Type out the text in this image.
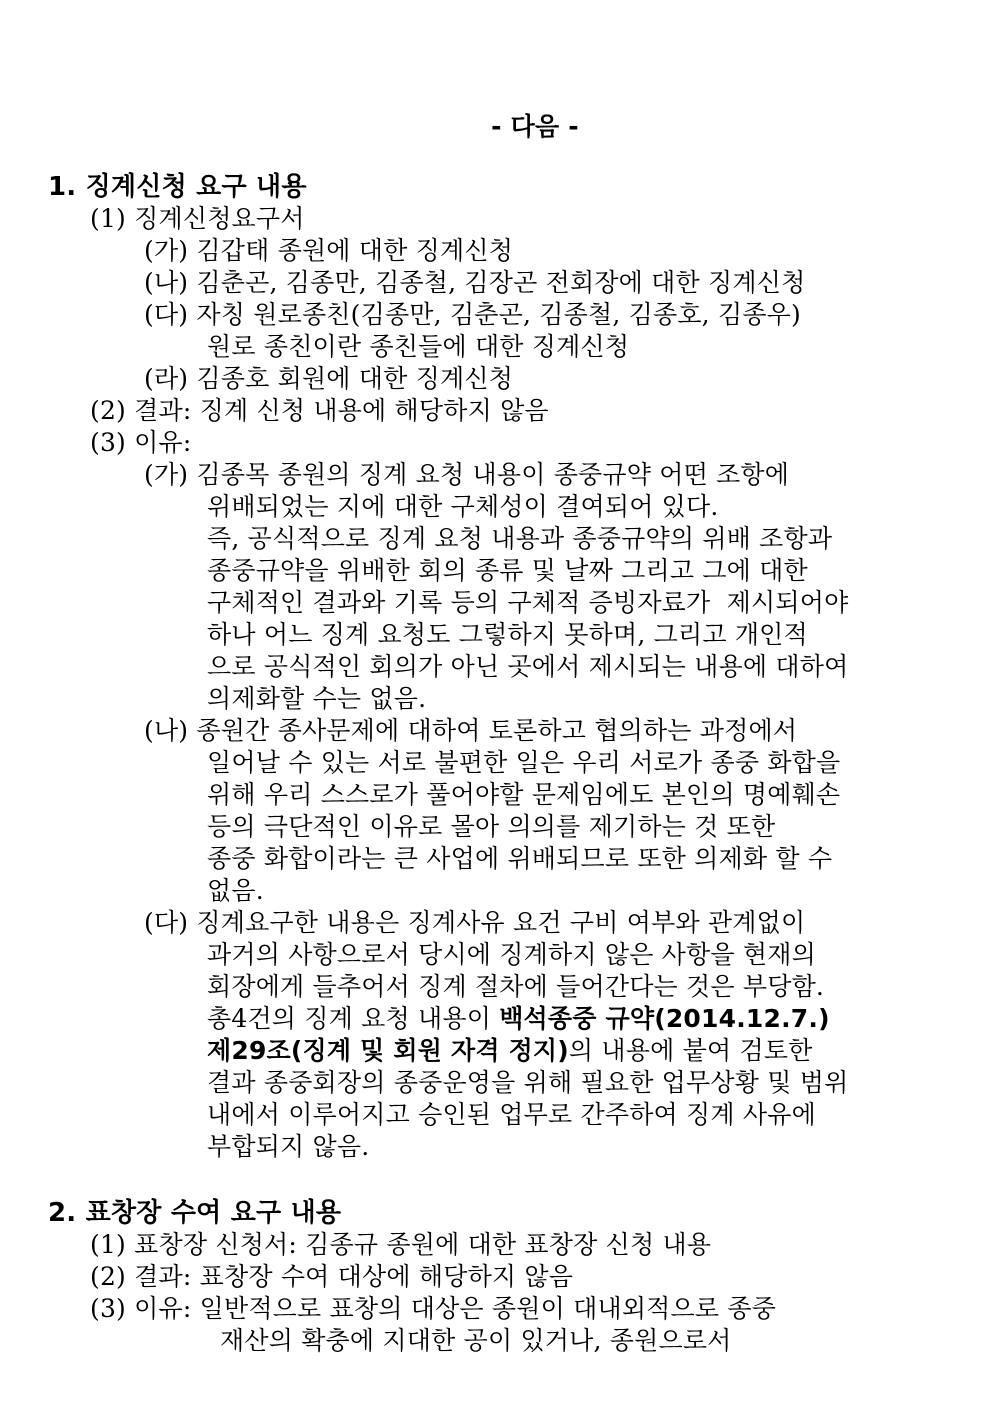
- 다음 -
1. 징계신청 요구 내용
(1) 징계신청요구서
(가) 김갑태 종원에 대한 징계신청
(나) 김춘곤, 김종만, 김종철, 김장곤 전회장에 대한 징계신청
(다) 자칭 원로종친(김종만, 김춘곤, 김종철, 김종호, 김종우)
원로 종친이란 종친들에 대한 징계신청
(라) 김종호 회원에 대한 징계신청
(2) 결과: 징계 신청 내용에 해당하지 않음
(3) 이유:
(가) 김종목 종원의 징계 요청 내용이 종중규약 어떤 조항에
위배되었는 지에 대한 구체성이 결여되어 있다.
즉, 공식적으로 징계 요청 내용과 종중규약의 위배 조항과
종중규약을 위배한 회의 종류 및 날짜 그리고 그에 대한
구체적인 결과와 기록 등의 구체적 증빙자료가  제시되어야
하나 어느 징계 요청도 그렇하지 못하며, 그리고 개인적
으로 공식적인 회의가 아닌 곳에서 제시되는 내용에 대하여
의제화할 수는 없음.
(나) 종원간 종사문제에 대하여 토론하고 협의하는 과정에서
일어날 수 있는 서로 불편한 일은 우리 서로가 종중 화합을
위해 우리 스스로가 풀어야할 문제임에도 본인의 명예훼손
등의 극단적인 이유로 몰아 의의를 제기하는 것 또한
종중 화합이라는 큰 사업에 위배되므로 또한 의제화 할 수
없음.
(다) 징계요구한 내용은 징계사유 요건 구비 여부와 관계없이
과거의 사항으로서 당시에 징계하지 않은 사항을 현재의
회장에게 들추어서 징계 절차에 들어간다는 것은 부당함.
총4건의 징계 요청 내용이 백석종중 규약(2014.12.7.)
제29조(징계 및 회원 자격 정지)의 내용에 붙여 검토한
결과 종중회장의 종중운영을 위해 필요한 업무상황 및 범위
내에서 이루어지고 승인된 업무로 간주하여 징계 사유에
부합되지 않음.
2. 표창장 수여 요구 내용
(1) 표창장 신청서: 김종규 종원에 대한 표창장 신청 내용
(2) 결과: 표창장 수여 대상에 해당하지 않음
(3) 이유: 일반적으로 표창의 대상은 종원이 대내외적으로 종중
재산의 확충에 지대한 공이 있거나, 종원으로서
